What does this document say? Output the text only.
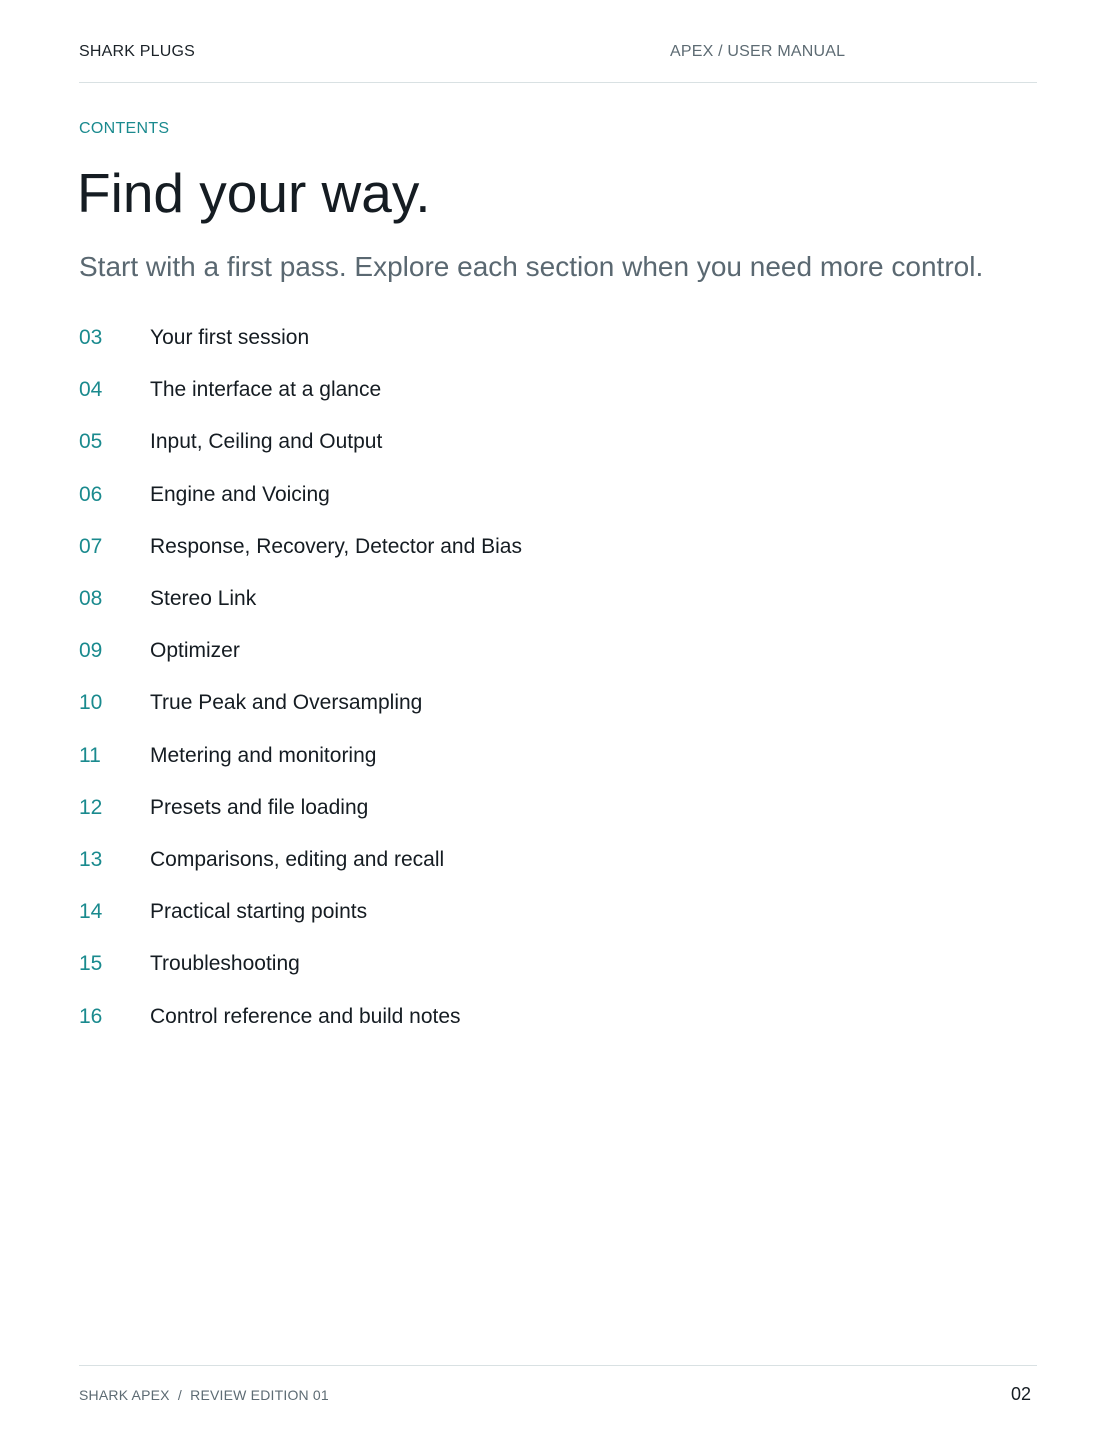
SHARK PLUGS	APEX / USER MANUAL
CONTENTS
Find your way.

Start with a first pass. Explore each section when you need more control.

03	Your first session
04	The interface at a glance
05	Input, Ceiling and Output
06	Engine and Voicing
07	Response, Recovery, Detector and Bias
08	Stereo Link
09	Optimizer
10	True Peak and Oversampling
11	Metering and monitoring
12	Presets and file loading
13	Comparisons, editing and recall
14	Practical starting points
15	Troubleshooting
16	Control reference and build notes
SHARK APEX  /  REVIEW EDITION 01	02
